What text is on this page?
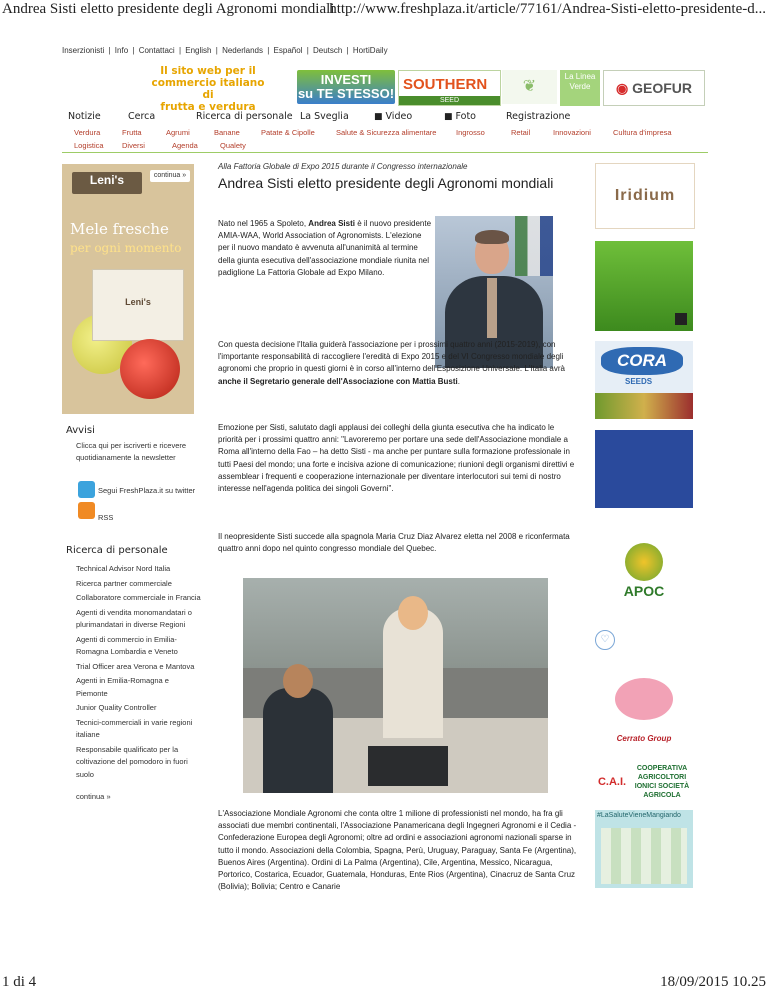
Andrea Sisti eletto presidente degli Agronomi mondiali
http://www.freshplaza.it/article/77161/Andrea-Sisti-eletto-presidente-d...
Inserzionisti | Info | Contattaci | English | Nederlands | Español | Deutsch | HortiDaily
Il sito web per il
commercio italiano di
frutta e verdura
INVESTI
su TE STESSO!
SOUTHERN
SEED
❦
La Linea Verde	◉ GEOFUR
Notizie	Cerca	Ricerca di personale La Sveglia	■ Video	■ Foto	Registrazione
Verdura	Frutta	Agrumi	Banane	Patate & Cipolle	Salute & Sicurezza alimentare	Ingrosso	Retail	Innovazioni	Cultura d'impresa
Logistica Diversi	Agenda	Qualety
Leni's	continua »
Mele fresche
per ogni momento
Leni's
Avvisi
Clicca qui per iscriverti e ricevere
quotidianamente la newsletter
Segui FreshPlaza.it su twitter
RSS
Ricerca di personale
Technical Advisor Nord Italia
Ricerca partner commerciale
Collaboratore commerciale in Francia
Agenti di vendita monomandatari o plurimandatari in diverse Regioni
Agenti di commercio in Emilia-Romagna Lombardia e Veneto
Trial Officer area Verona e Mantova
Agenti in Emilia-Romagna e Piemonte
Junior Quality Controller
Tecnici-commerciali in varie regioni italiane
Responsabile qualificato per la coltivazione del pomodoro in fuori suolo
continua »
Alla Fattoria Globale di Expo 2015 durante il Congresso internazionale
Andrea Sisti eletto presidente degli Agronomi mondiali
Nato nel 1965 a Spoleto, Andrea Sisti è il nuovo presidente AMIA-WAA, World Association of Agronomists. L'elezione per il nuovo mandato è avvenuta all'unanimità al termine della giunta esecutiva dell'associazione mondiale riunita nel padiglione La Fattoria Globale ad Expo Milano.
Con questa decisione l'Italia guiderà l'associazione per i prossimi quattro anni (2015-2019), con l'importante responsabilità di raccogliere l'eredità di Expo 2015 e del VI Congresso mondiale degli agronomi che proprio in questi giorni è in corso all'interno dell'Esposizione Universale. L'Italia avrà anche il Segretario generale dell'Associazione con Mattia Busti.
Emozione per Sisti, salutato dagli applausi dei colleghi della giunta esecutiva che ha indicato le priorità per i prossimi quattro anni: "Lavoreremo per portare una sede dell'Associazione mondiale a Roma all'interno della Fao – ha detto Sisti - ma anche per puntare sulla formazione professionale in tutti Paesi del mondo; una forte e incisiva azione di comunicazione; riunioni degli organismi direttivi e assemblear i frequenti e cooperazione internazionale per diventare interlocutori sui temi di nostro interesse nell'agenda politica dei singoli Governi".
Il neopresidente Sisti succede alla spagnola Maria Cruz Diaz Alvarez eletta nel 2008 e riconfermata quattro anni dopo nel quinto congresso mondiale del Quebec.
L'Associazione Mondiale Agronomi che conta oltre 1 milione di professionisti nel mondo, ha fra gli associati due membri continentali, l'Associazione Panamericana degli Ingegneri Agronomi e il Cedia - Confederazione Europea degli Agronomi; oltre ad ordini e associazioni agronomi nazionali sparse in tutto il mondo. Associazioni della Colombia, Spagna, Perù, Uruguay, Paraguay, Santa Fe (Argentina), Buenos Aires (Argentina). Ordini di La Palma (Argentina), Cile, Argentina, Messico, Nicaragua, Portorico, Costarica, Ecuador, Guatemala, Honduras, Ente Rios (Argentina), Cinacruz de Santa Cruz (Bolivia); Bolivia; Centro e Canarie
Iridium
CORA
SEEDS
APOC
♡
Cerrato Group
C.A.I.
COOPERATIVA AGRICOLTORI IONICI SOCIETÀ AGRICOLA
#LaSaluteVieneMangiando
1 di 4	18/09/2015 10.25
